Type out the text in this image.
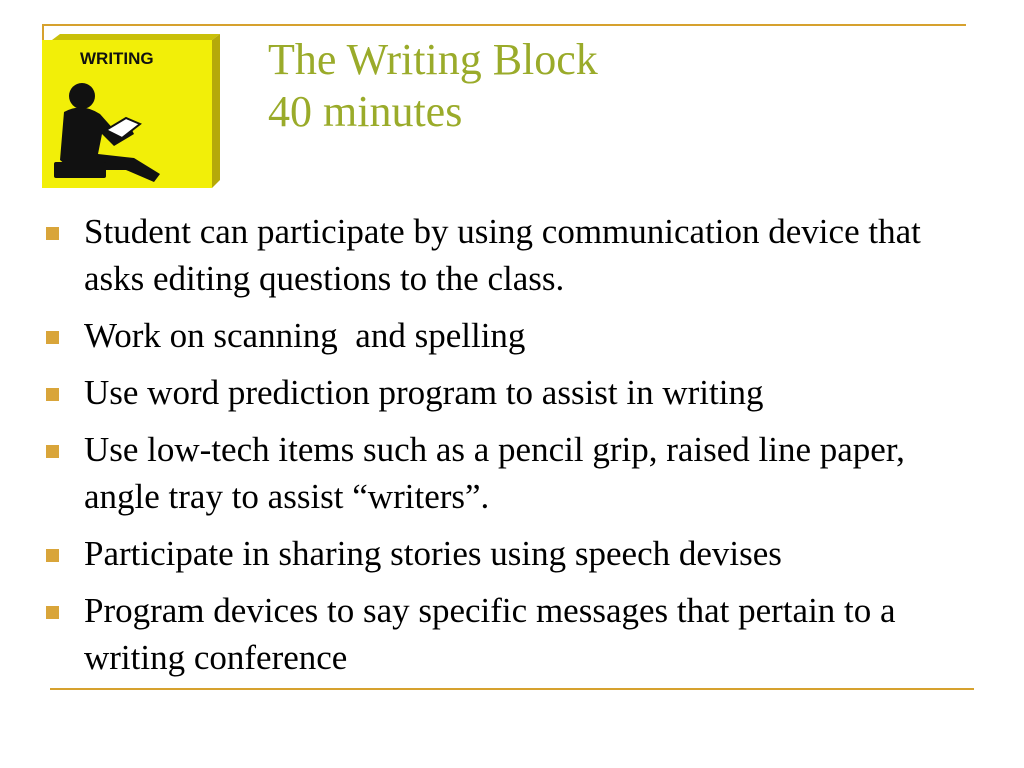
WRITING	The Writing Block
40 minutes
Student can participate by using communication device that asks editing questions to the class.
Work on scanning  and spelling
Use word prediction program to assist in writing
Use low-tech items such as a pencil grip, raised line paper, angle tray to assist “writers”.
Participate in sharing stories using speech devises
Program devices to say specific messages that pertain to a writing conference
